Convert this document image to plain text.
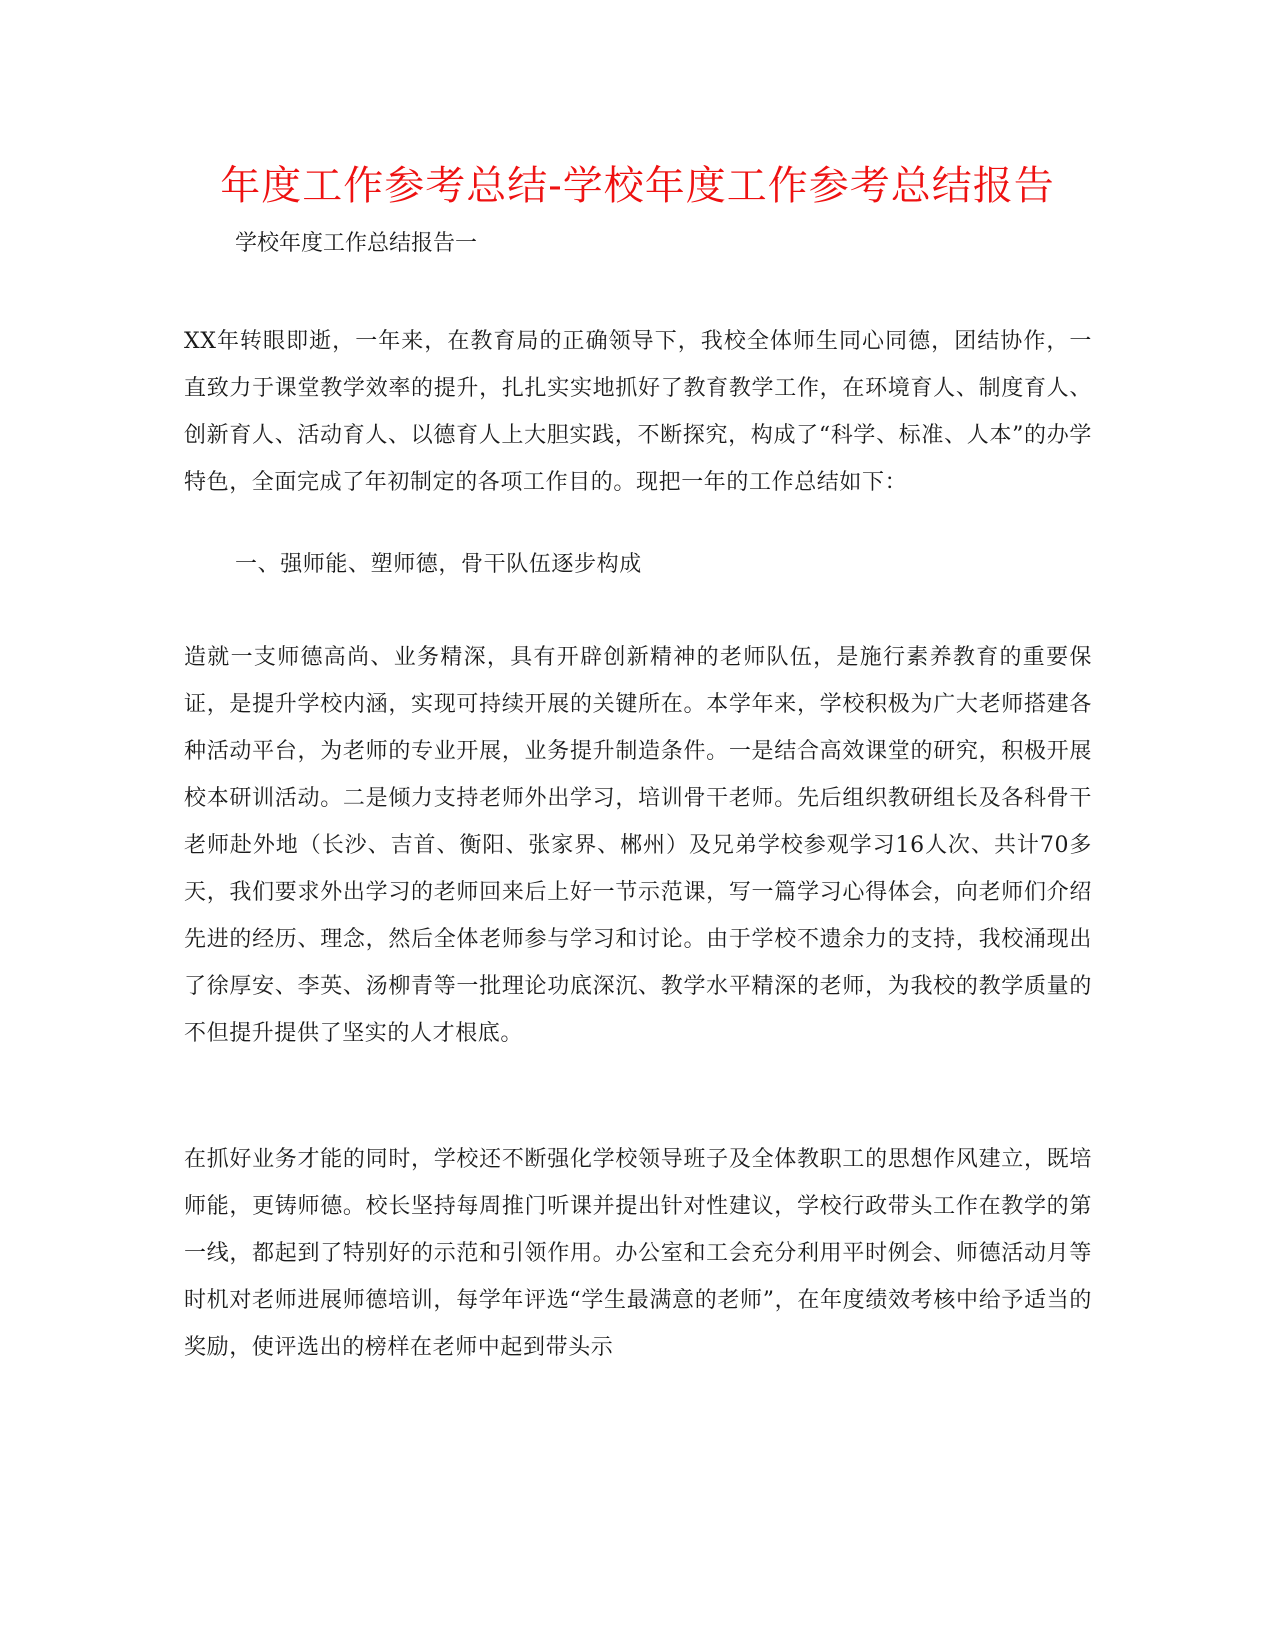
年度工作参考总结-学校年度工作参考总结报告

学校年度工作总结报告一

XX年转眼即逝，一年来，在教育局的正确领导下，我校全体师生同心同德，团结协作，一直致力于课堂教学效率的提升，扎扎实实地抓好了教育教学工作，在环境育人、制度育人、创新育人、活动育人、以德育人上大胆实践，不断探究，构成了“科学、标准、人本”的办学特色，全面完成了年初制定的各项工作目的。现把一年的工作总结如下：

一、强师能、塑师德，骨干队伍逐步构成

造就一支师德高尚、业务精深，具有开辟创新精神的老师队伍，是施行素养教育的重要保证，是提升学校内涵，实现可持续开展的关键所在。本学年来，学校积极为广大老师搭建各种活动平台，为老师的专业开展，业务提升制造条件。一是结合高效课堂的研究，积极开展校本研训活动。二是倾力支持老师外出学习，培训骨干老师。先后组织教研组长及各科骨干老师赴外地（长沙、吉首、衡阳、张家界、郴州）及兄弟学校参观学习16人次、共计70多天，我们要求外出学习的老师回来后上好一节示范课，写一篇学习心得体会，向老师们介绍先进的经历、理念，然后全体老师参与学习和讨论。由于学校不遗余力的支持，我校涌现出了徐厚安、李英、汤柳青等一批理论功底深沉、教学水平精深的老师，为我校的教学质量的不但提升提供了坚实的人才根底。

在抓好业务才能的同时，学校还不断强化学校领导班子及全体教职工的思想作风建立，既培师能，更铸师德。校长坚持每周推门听课并提出针对性建议，学校行政带头工作在教学的第一线，都起到了特别好的示范和引领作用。办公室和工会充分利用平时例会、师德活动月等时机对老师进展师德培训，每学年评选“学生最满意的老师”，在年度绩效考核中给予适当的奖励，使评选出的榜样在老师中起到带头示
